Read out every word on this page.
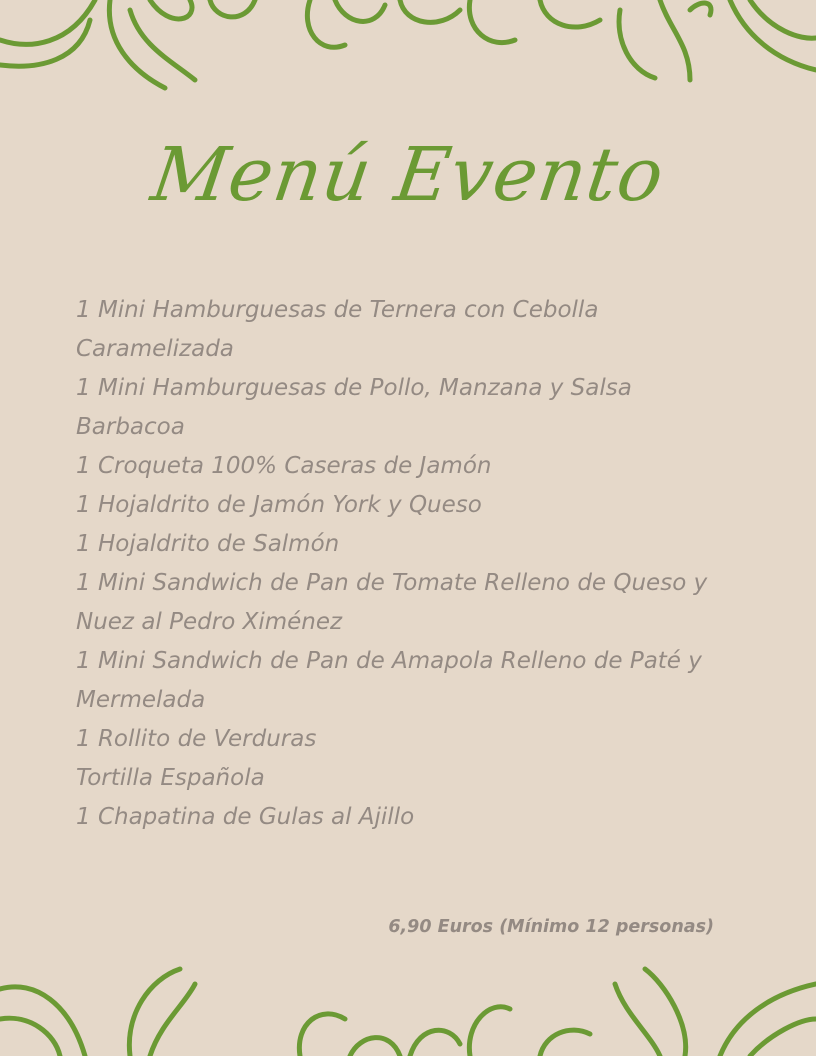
Menú Evento
1 Mini Hamburguesas de Ternera con Cebolla Caramelizada
1 Mini Hamburguesas de Pollo, Manzana y Salsa Barbacoa
1 Croqueta 100% Caseras de Jamón
1 Hojaldrito de Jamón York y Queso
1 Hojaldrito de Salmón
1 Mini Sandwich de Pan de Tomate Relleno de Queso y Nuez al Pedro Ximénez
1 Mini Sandwich de Pan de Amapola Relleno de Paté y Mermelada
1 Rollito de Verduras
Tortilla Española
1 Chapatina de Gulas al Ajillo
6,90 Euros (Mínimo 12 personas)
